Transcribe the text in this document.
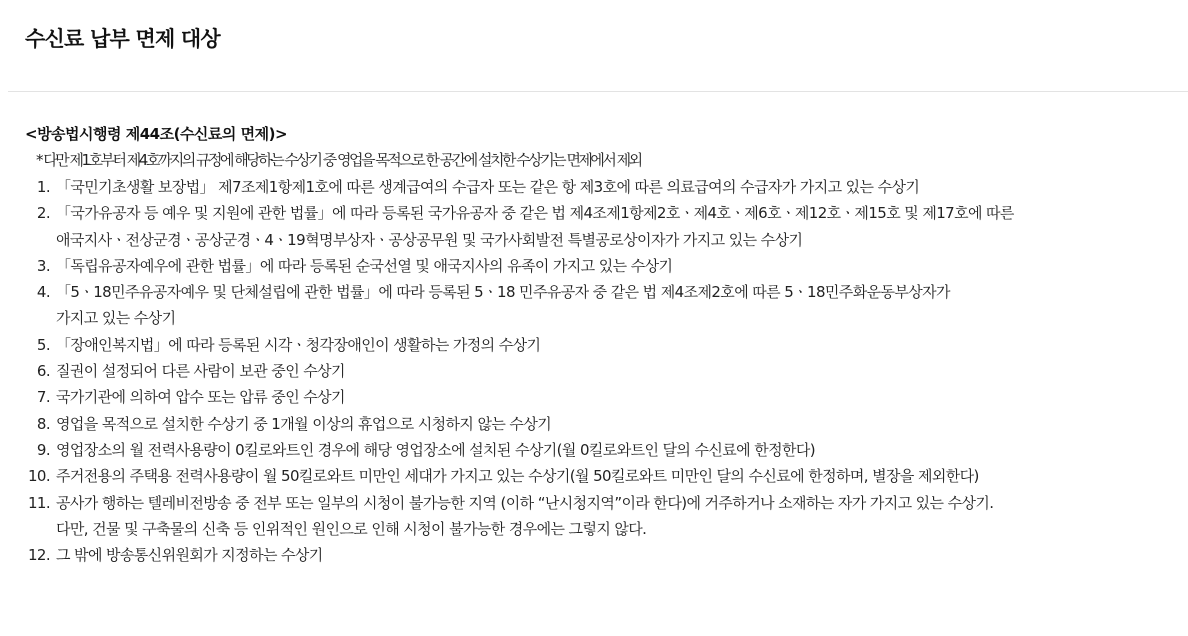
수신료 납부 면제 대상
<방송법시행령 제44조(수신료의 면제)>
* 다만 제1호부터 제4호까지의 규정에 해당하는 수상기 중 영업을 목적으로 한 공간에 설치한 수상기는 면제에서 제외
1. 「국민기초생활 보장법」 제7조제1항제1호에 따른 생계급여의 수급자 또는 같은 항 제3호에 따른 의료급여의 수급자가 가지고 있는 수상기
2. 「국가유공자 등 예우 및 지원에 관한 법률」에 따라 등록된 국가유공자 중 같은 법 제4조제1항제2호ㆍ제4호ㆍ제6호ㆍ제12호ㆍ제15호 및 제17호에 따른
애국지사ㆍ전상군경ㆍ공상군경ㆍ4ㆍ19혁명부상자ㆍ공상공무원 및 국가사회발전 특별공로상이자가 가지고 있는 수상기
3. 「독립유공자예우에 관한 법률」에 따라 등록된 순국선열 및 애국지사의 유족이 가지고 있는 수상기
4. 「5ㆍ18민주유공자예우 및 단체설립에 관한 법률」에 따라 등록된 5ㆍ18 민주유공자 중 같은 법 제4조제2호에 따른 5ㆍ18민주화운동부상자가
가지고 있는 수상기
5. 「장애인복지법」에 따라 등록된 시각ㆍ청각장애인이 생활하는 가정의 수상기
6. 질권이 설정되어 다른 사람이 보관 중인 수상기
7. 국가기관에 의하여 압수 또는 압류 중인 수상기
8. 영업을 목적으로 설치한 수상기 중 1개월 이상의 휴업으로 시청하지 않는 수상기
9. 영업장소의 월 전력사용량이 0킬로와트인 경우에 해당 영업장소에 설치된 수상기(월 0킬로와트인 달의 수신료에 한정한다)
10. 주거전용의 주택용 전력사용량이 월 50킬로와트 미만인 세대가 가지고 있는 수상기(월 50킬로와트 미만인 달의 수신료에 한정하며, 별장을 제외한다)
11. 공사가 행하는 텔레비전방송 중 전부 또는 일부의 시청이 불가능한 지역 (이하 “난시청지역”이라 한다)에 거주하거나 소재하는 자가 가지고 있는 수상기.
다만, 건물 및 구축물의 신축 등 인위적인 원인으로 인해 시청이 불가능한 경우에는 그렇지 않다.
12. 그 밖에 방송통신위원회가 지정하는 수상기
